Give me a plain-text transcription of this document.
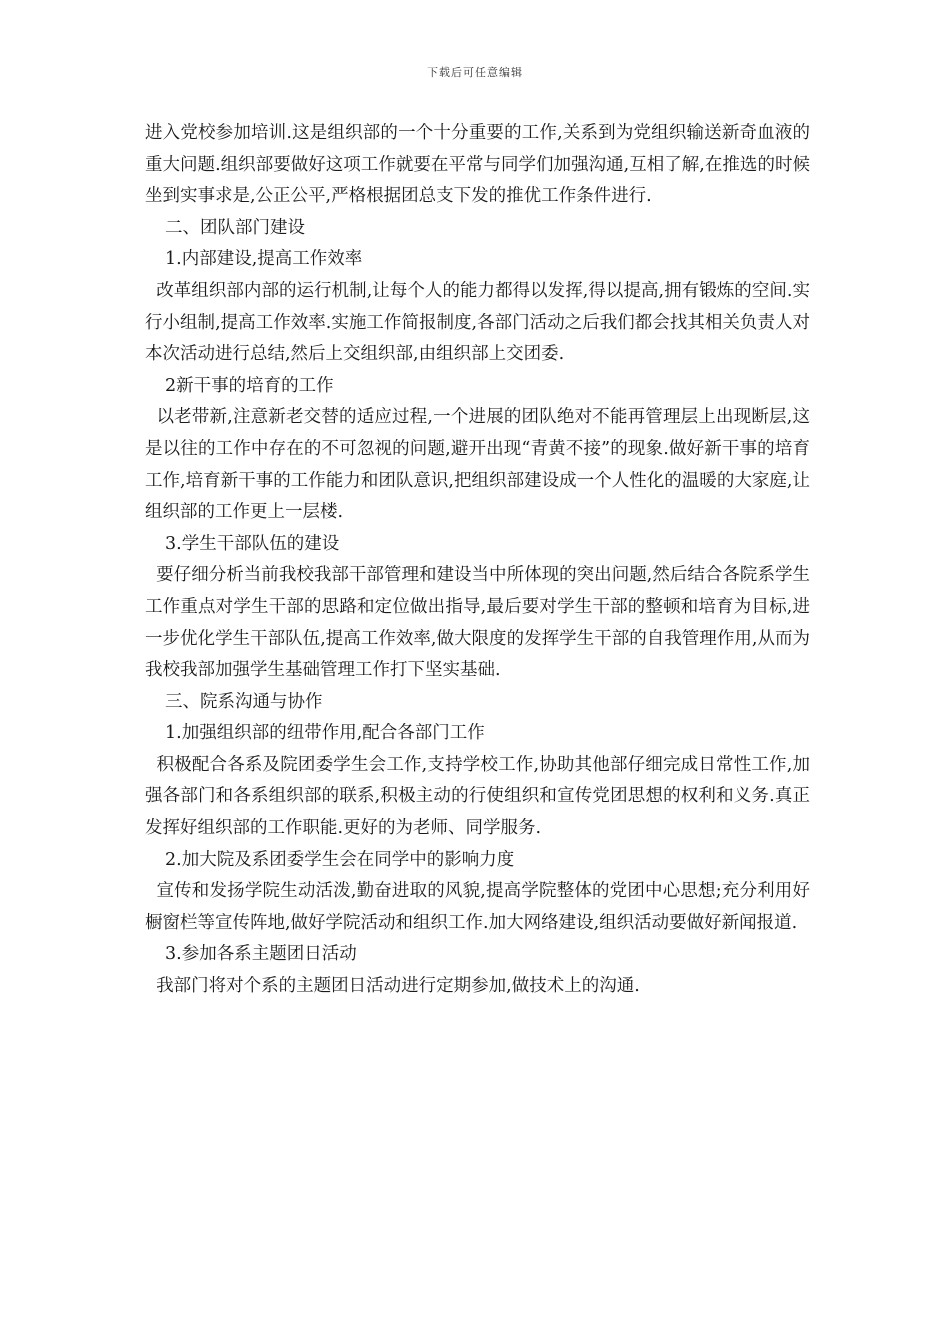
下载后可任意编辑

进入党校参加培训.这是组织部的一个十分重要的工作,关系到为党组织输送新奇血液的重大问题.组织部要做好这项工作就要在平常与同学们加强沟通,互相了解,在推选的时候坐到实事求是,公正公平,严格根据团总支下发的推优工作条件进行.

二、团队部门建设

1.内部建设,提高工作效率

改革组织部内部的运行机制,让每个人的能力都得以发挥,得以提高,拥有锻炼的空间.实行小组制,提高工作效率.实施工作简报制度,各部门活动之后我们都会找其相关负责人对本次活动进行总结,然后上交组织部,由组织部上交团委.

2新干事的培育的工作

以老带新,注意新老交替的适应过程,一个进展的团队绝对不能再管理层上出现断层,这是以往的工作中存在的不可忽视的问题,避开出现“青黄不接”的现象.做好新干事的培育工作,培育新干事的工作能力和团队意识,把组织部建设成一个人性化的温暖的大家庭,让组织部的工作更上一层楼.

3.学生干部队伍的建设

要仔细分析当前我校我部干部管理和建设当中所体现的突出问题,然后结合各院系学生工作重点对学生干部的思路和定位做出指导,最后要对学生干部的整顿和培育为目标,进一步优化学生干部队伍,提高工作效率,做大限度的发挥学生干部的自我管理作用,从而为我校我部加强学生基础管理工作打下坚实基础.

三、院系沟通与协作

1.加强组织部的纽带作用,配合各部门工作

积极配合各系及院团委学生会工作,支持学校工作,协助其他部仔细完成日常性工作,加强各部门和各系组织部的联系,积极主动的行使组织和宣传党团思想的权利和义务.真正发挥好组织部的工作职能.更好的为老师、同学服务.

2.加大院及系团委学生会在同学中的影响力度

宣传和发扬学院生动活泼,勤奋进取的风貌,提高学院整体的党团中心思想;充分利用好橱窗栏等宣传阵地,做好学院活动和组织工作.加大网络建设,组织活动要做好新闻报道.

3.参加各系主题团日活动

我部门将对个系的主题团日活动进行定期参加,做技术上的沟通.
